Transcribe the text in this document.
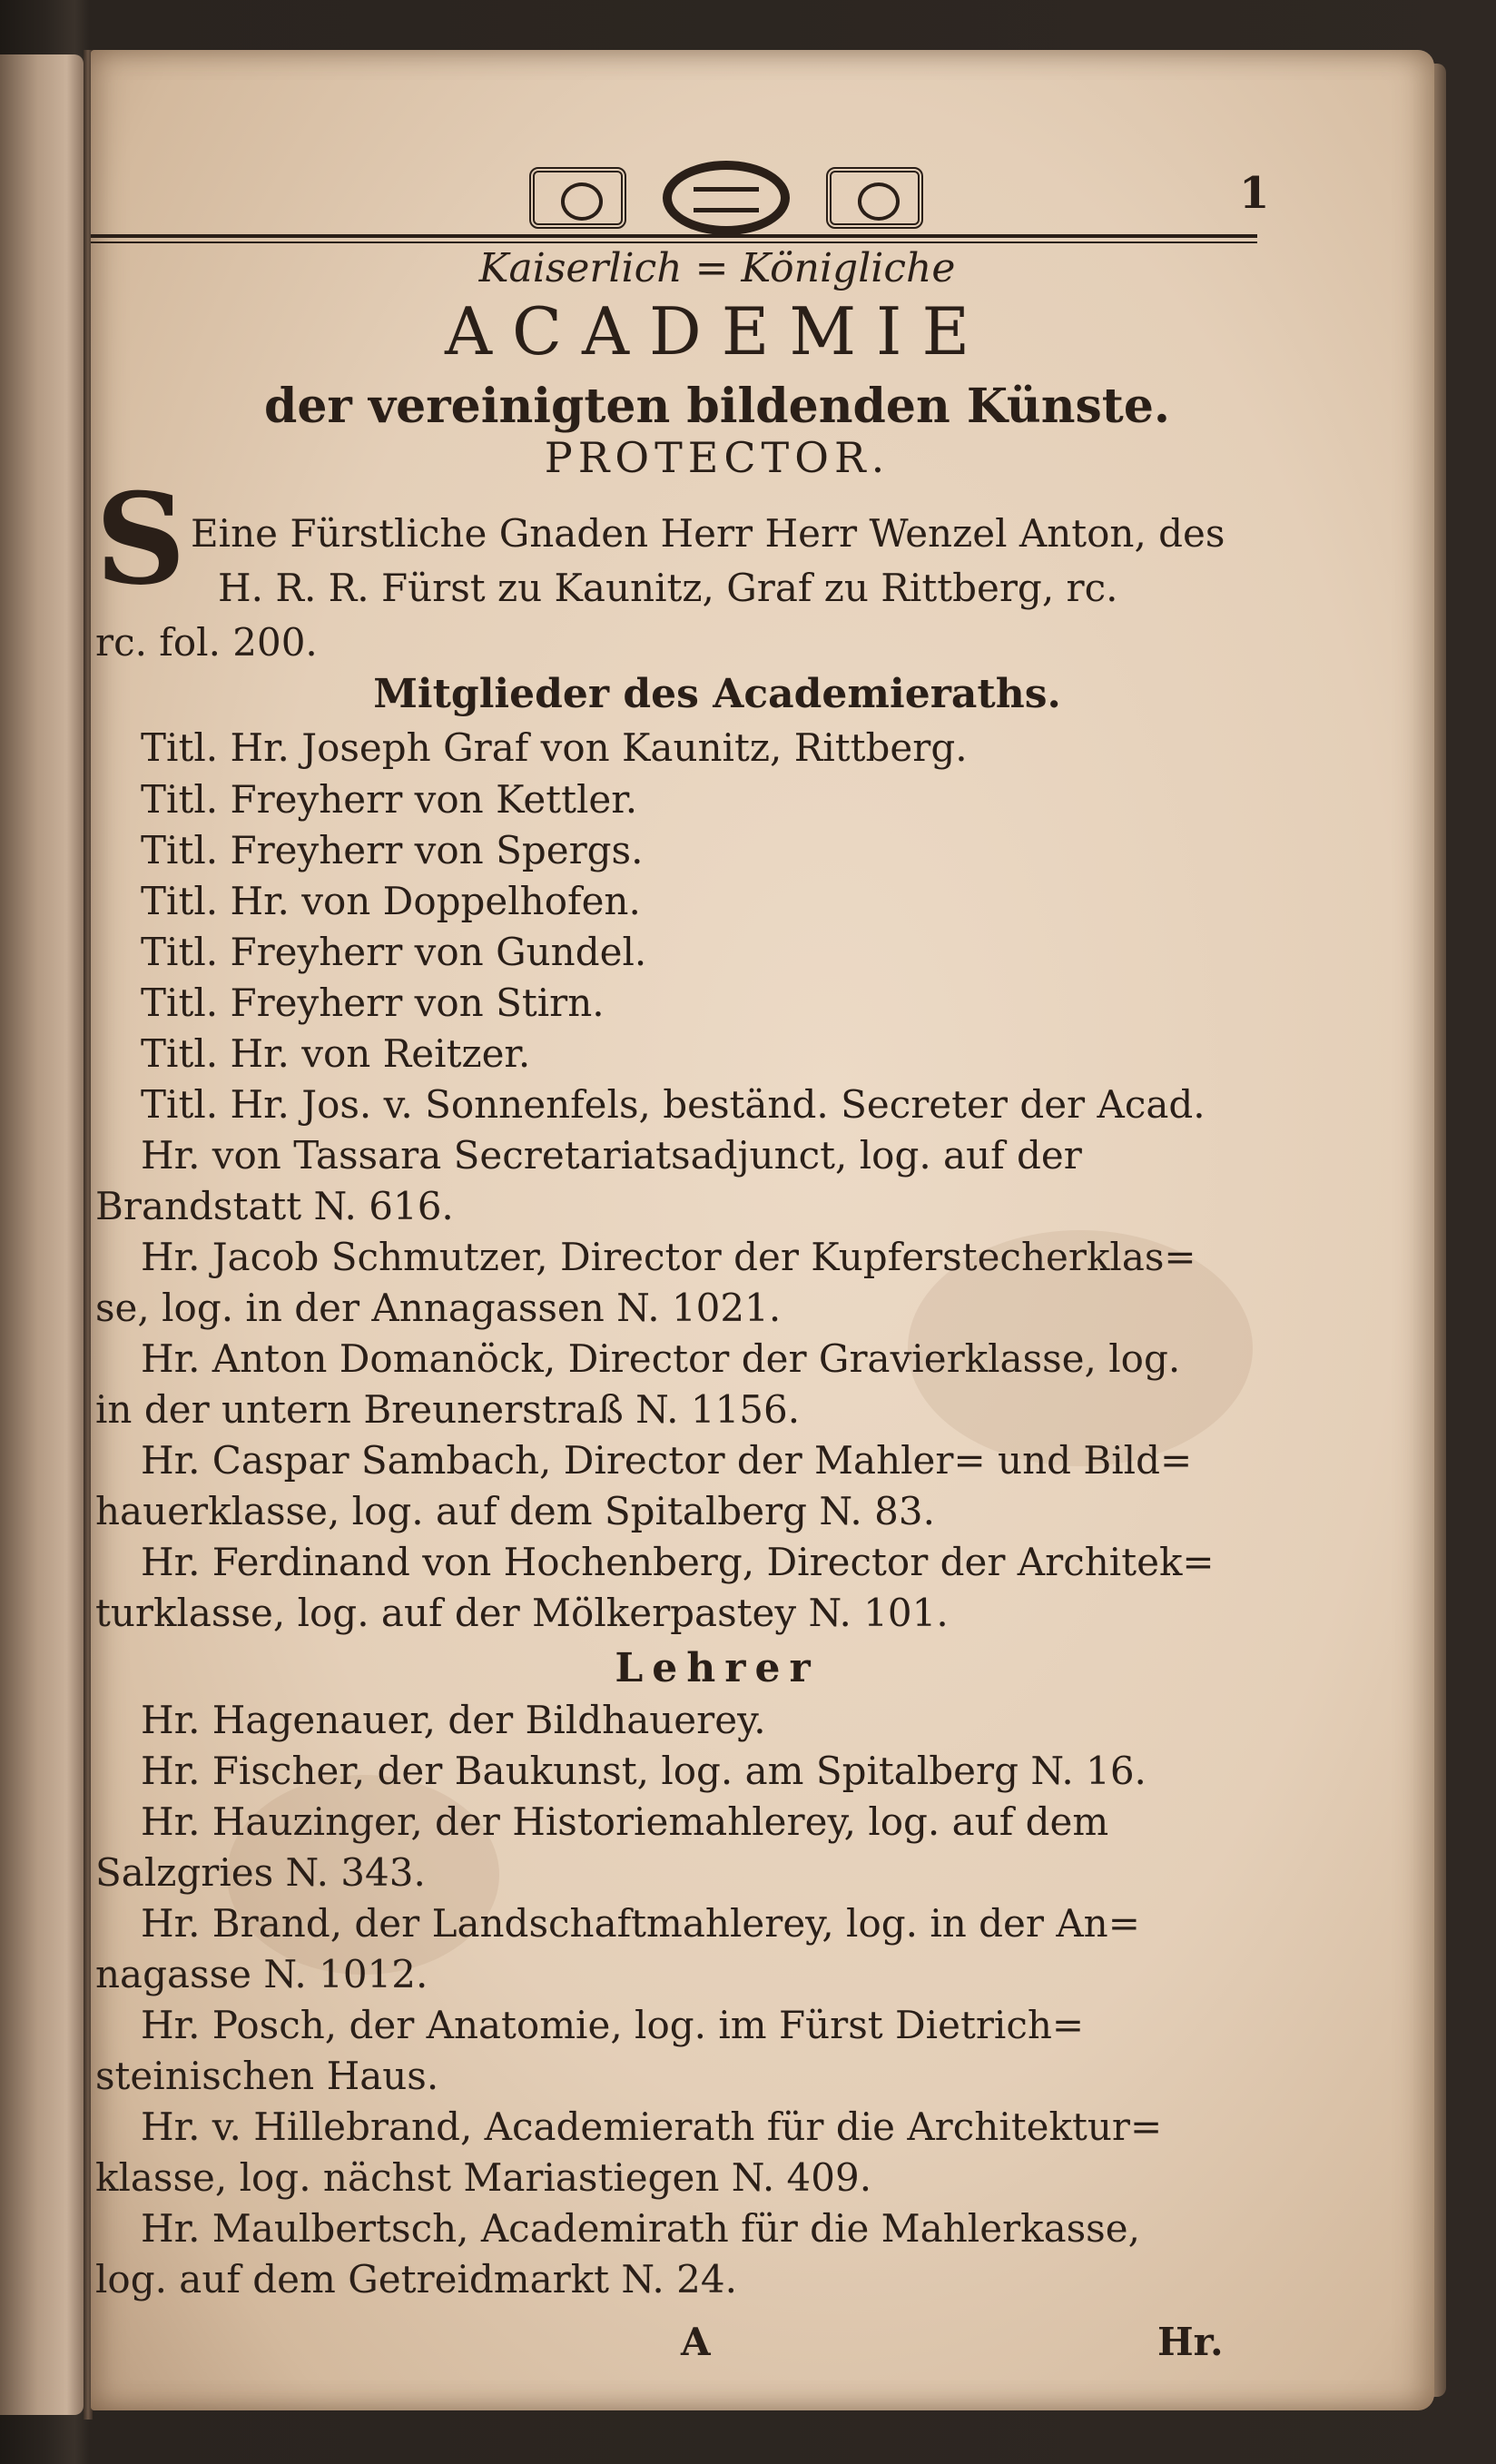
1
Kaiserlich = Königliche
ACADEMIE
der vereinigten bildenden Künste.
PROTECTOR.
S Eine Fürstliche Gnaden Herr Herr Wenzel Anton, des
H. R. R. Fürst zu Kaunitz, Graf zu Rittberg, rc.
rc. fol. 200.
Mitglieder des Academieraths.
Titl. Hr. Joseph Graf von Kaunitz, Rittberg.
Titl. Freyherr von Kettler.
Titl. Freyherr von Spergs.
Titl. Hr. von Doppelhofen.
Titl. Freyherr von Gundel.
Titl. Freyherr von Stirn.
Titl. Hr. von Reitzer.
Titl. Hr. Jos. v. Sonnenfels, beständ. Secreter der Acad.
Hr. von Tassara Secretariatsadjunct, log. auf der
Brandstatt N. 616.
Hr. Jacob Schmutzer, Director der Kupferstecherklas=
se, log. in der Annagassen N. 1021.
Hr. Anton Domanöck, Director der Gravierklasse, log.
in der untern Breunerstraß N. 1156.
Hr. Caspar Sambach, Director der Mahler= und Bild=
hauerklasse, log. auf dem Spitalberg N. 83.
Hr. Ferdinand von Hochenberg, Director der Architek=
turklasse, log. auf der Mölkerpastey N. 101.
Lehrer
Hr. Hagenauer, der Bildhauerey.
Hr. Fischer, der Baukunst, log. am Spitalberg N. 16.
Hr. Hauzinger, der Historiemahlerey, log. auf dem
Salzgries N. 343.
Hr. Brand, der Landschaftmahlerey, log. in der An=
nagasse N. 1012.
Hr. Posch, der Anatomie, log. im Fürst Dietrich=
steinischen Haus.
Hr. v. Hillebrand, Academierath für die Architektur=
klasse, log. nächst Mariastiegen N. 409.
Hr. Maulbertsch, Academirath für die Mahlerkasse,
log. auf dem Getreidmarkt N. 24.
A	Hr.
